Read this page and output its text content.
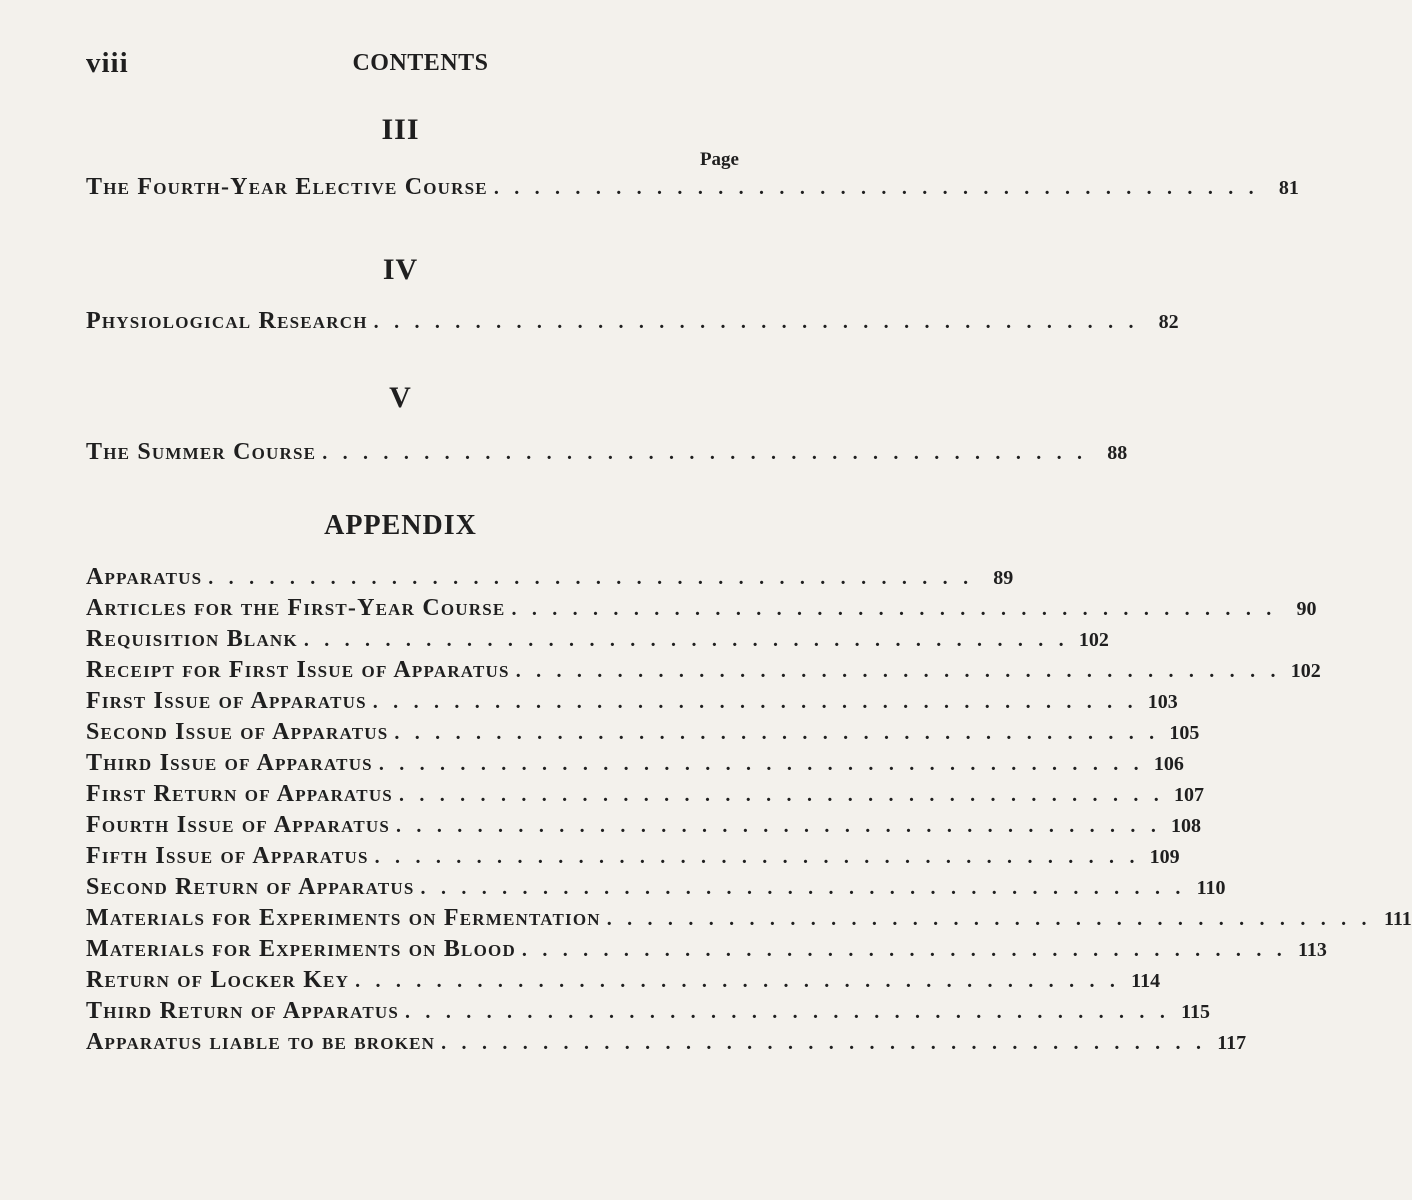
viii	CONTENTS
III
Page
The Fourth-Year Elective Course . . . . . . . . . . . . . . . . . . . . . . . . . . . . . . . . . . . . . .	81
IV
Physiological Research . . . . . . . . . . . . . . . . . . . . . . . . . . . . . . . . . . . . . .	82
V
The Summer Course . . . . . . . . . . . . . . . . . . . . . . . . . . . . . . . . . . . . . .	88
APPENDIX
Apparatus . . . . . . . . . . . . . . . . . . . . . . . . . . . . . . . . . . . . . .	89
Articles for the First-Year Course . . . . . . . . . . . . . . . . . . . . . . . . . . . . . . . . . . . . . .	90
Requisition Blank . . . . . . . . . . . . . . . . . . . . . . . . . . . . . . . . . . . . . . 102
Receipt for First Issue of Apparatus . . . . . . . . . . . . . . . . . . . . . . . . . . . . . . . . . . . . . . 102
First Issue of Apparatus . . . . . . . . . . . . . . . . . . . . . . . . . . . . . . . . . . . . . . 103
Second Issue of Apparatus . . . . . . . . . . . . . . . . . . . . . . . . . . . . . . . . . . . . . . 105
Third Issue of Apparatus . . . . . . . . . . . . . . . . . . . . . . . . . . . . . . . . . . . . . . 106
First Return of Apparatus . . . . . . . . . . . . . . . . . . . . . . . . . . . . . . . . . . . . . . 107
Fourth Issue of Apparatus . . . . . . . . . . . . . . . . . . . . . . . . . . . . . . . . . . . . . . 108
Fifth Issue of Apparatus . . . . . . . . . . . . . . . . . . . . . . . . . . . . . . . . . . . . . . 109
Second Return of Apparatus . . . . . . . . . . . . . . . . . . . . . . . . . . . . . . . . . . . . . . 110
Materials for Experiments on Fermentation . . . . . . . . . . . . . . . . . . . . . . . . . . . . . . . . . . . . . . 111
Materials for Experiments on Blood . . . . . . . . . . . . . . . . . . . . . . . . . . . . . . . . . . . . . . 113
Return of Locker Key . . . . . . . . . . . . . . . . . . . . . . . . . . . . . . . . . . . . . . 114
Third Return of Apparatus . . . . . . . . . . . . . . . . . . . . . . . . . . . . . . . . . . . . . . 115
Apparatus liable to be broken . . . . . . . . . . . . . . . . . . . . . . . . . . . . . . . . . . . . . . 117
